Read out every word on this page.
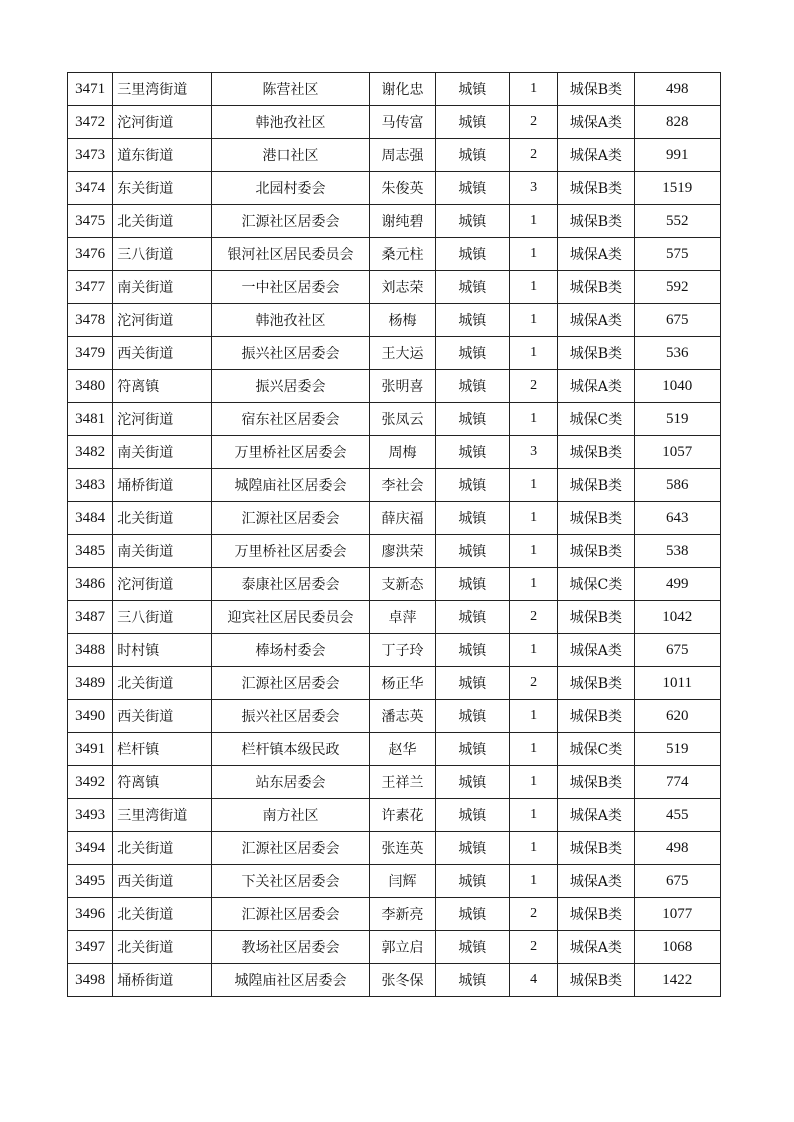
3471	三里湾街道	陈营社区	谢化忠	城镇	1	城保B类	498
3472	沱河街道	韩池孜社区	马传富	城镇	2	城保A类	828
3473	道东街道	港口社区	周志强	城镇	2	城保A类	991
3474	东关街道	北园村委会	朱俊英	城镇	3	城保B类	1519
3475	北关街道	汇源社区居委会	谢纯碧	城镇	1	城保B类	552
3476	三八街道	银河社区居民委员会	桑元柱	城镇	1	城保A类	575
3477	南关街道	一中社区居委会	刘志荣	城镇	1	城保B类	592
3478	沱河街道	韩池孜社区	杨梅	城镇	1	城保A类	675
3479	西关街道	振兴社区居委会	王大运	城镇	1	城保B类	536
3480	符离镇	振兴居委会	张明喜	城镇	2	城保A类	1040
3481	沱河街道	宿东社区居委会	张凤云	城镇	1	城保C类	519
3482	南关街道	万里桥社区居委会	周梅	城镇	3	城保B类	1057
3483	埇桥街道	城隍庙社区居委会	李社会	城镇	1	城保B类	586
3484	北关街道	汇源社区居委会	薛庆福	城镇	1	城保B类	643
3485	南关街道	万里桥社区居委会	廖洪荣	城镇	1	城保B类	538
3486	沱河街道	泰康社区居委会	支新态	城镇	1	城保C类	499
3487	三八街道	迎宾社区居民委员会	卓萍	城镇	2	城保B类	1042
3488	时村镇	棒场村委会	丁子玲	城镇	1	城保A类	675
3489	北关街道	汇源社区居委会	杨正华	城镇	2	城保B类	1011
3490	西关街道	振兴社区居委会	潘志英	城镇	1	城保B类	620
3491	栏杆镇	栏杆镇本级民政	赵华	城镇	1	城保C类	519
3492	符离镇	站东居委会	王祥兰	城镇	1	城保B类	774
3493	三里湾街道	南方社区	许素花	城镇	1	城保A类	455
3494	北关街道	汇源社区居委会	张连英	城镇	1	城保B类	498
3495	西关街道	下关社区居委会	闫辉	城镇	1	城保A类	675
3496	北关街道	汇源社区居委会	李新亮	城镇	2	城保B类	1077
3497	北关街道	教场社区居委会	郭立启	城镇	2	城保A类	1068
3498	埇桥街道	城隍庙社区居委会	张冬保	城镇	4	城保B类	1422
